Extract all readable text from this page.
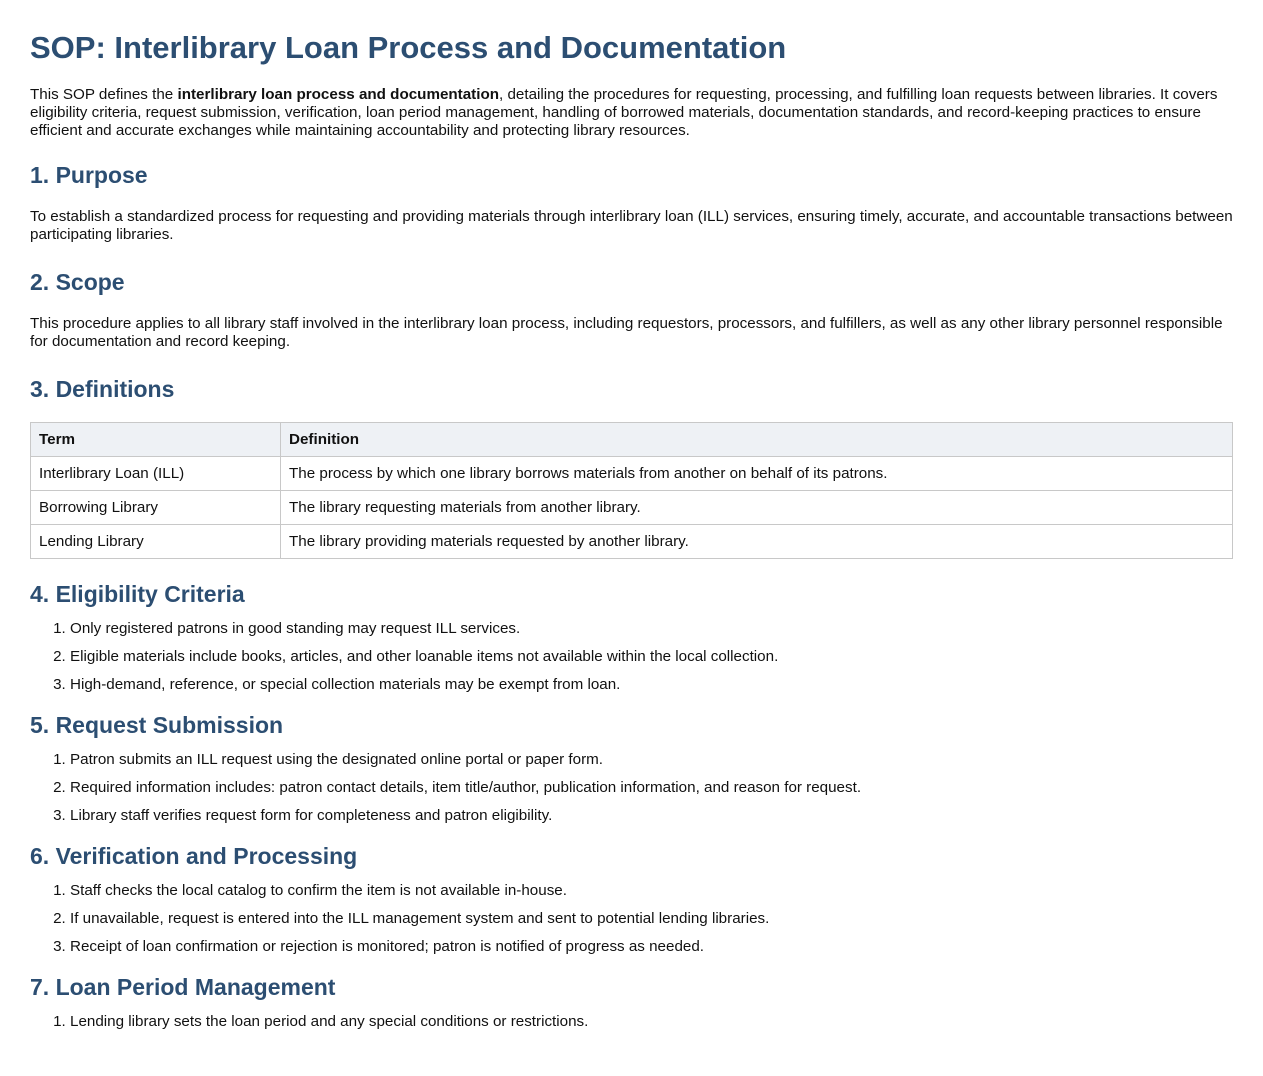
SOP: Interlibrary Loan Process and Documentation

This SOP defines the interlibrary loan process and documentation, detailing the procedures for requesting, processing, and fulfilling loan requests between libraries. It covers eligibility criteria, request submission, verification, loan period management, handling of borrowed materials, documentation standards, and record-keeping practices to ensure efficient and accurate exchanges while maintaining accountability and protecting library resources.

1. Purpose

To establish a standardized process for requesting and providing materials through interlibrary loan (ILL) services, ensuring timely, accurate, and accountable transactions between participating libraries.

2. Scope

This procedure applies to all library staff involved in the interlibrary loan process, including requestors, processors, and fulfillers, as well as any other library personnel responsible for documentation and record keeping.

3. Definitions
Term	Definition
Interlibrary Loan (ILL)	The process by which one library borrows materials from another on behalf of its patrons.
Borrowing Library	The library requesting materials from another library.
Lending Library	The library providing materials requested by another library.
4. Eligibility Criteria
1. Only registered patrons in good standing may request ILL services.
2. Eligible materials include books, articles, and other loanable items not available within the local collection.
3. High-demand, reference, or special collection materials may be exempt from loan.
5. Request Submission
1. Patron submits an ILL request using the designated online portal or paper form.
2. Required information includes: patron contact details, item title/author, publication information, and reason for request.
3. Library staff verifies request form for completeness and patron eligibility.
6. Verification and Processing
1. Staff checks the local catalog to confirm the item is not available in-house.
2. If unavailable, request is entered into the ILL management system and sent to potential lending libraries.
3. Receipt of loan confirmation or rejection is monitored; patron is notified of progress as needed.
7. Loan Period Management
1. Lending library sets the loan period and any special conditions or restrictions.
